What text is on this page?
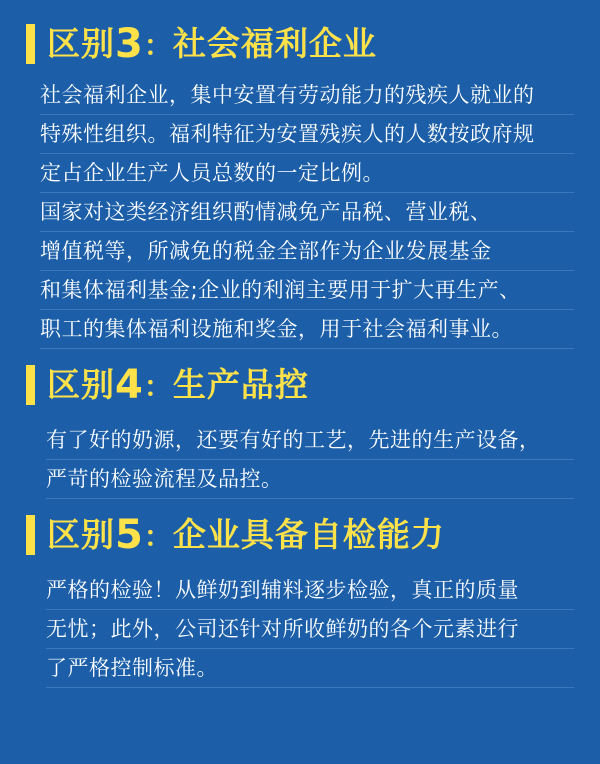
区别3：社会福利企业
社会福利企业，集中安置有劳动能力的残疾人就业的
特殊性组织。福利特征为安置残疾人的人数按政府规
定占企业生产人员总数的一定比例。
国家对这类经济组织酌情减免产品税、营业税、
增值税等，所减免的税金全部作为企业发展基金
和集体福利基金;企业的利润主要用于扩大再生产、
职工的集体福利设施和奖金，用于社会福利事业。
区别4：生产品控
有了好的奶源，还要有好的工艺，先进的生产设备，
严苛的检验流程及品控。
区别5：企业具备自检能力
严格的检验！从鲜奶到辅料逐步检验，真正的质量
无忧；此外，公司还针对所收鲜奶的各个元素进行
了严格控制标准。
